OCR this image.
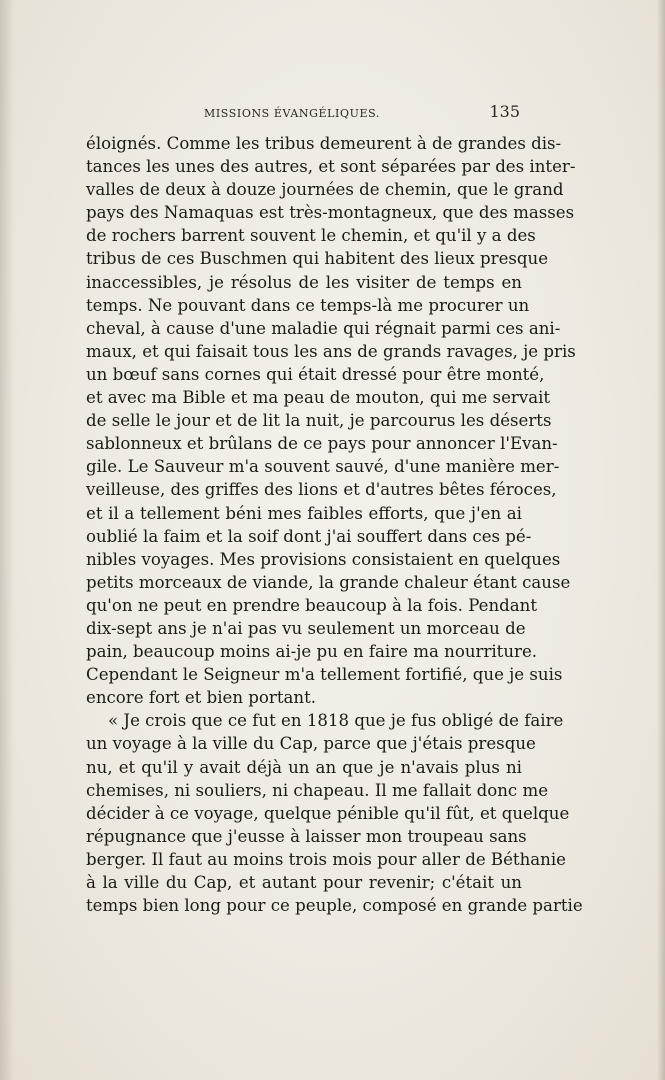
MISSIONS ÉVANGÉLIQUES.	135
éloignés. Comme les tribus demeurent à de grandes dis-
tances les unes des autres, et sont séparées par des inter-
valles de deux à douze journées de chemin, que le grand
pays des Namaquas est très-montagneux, que des masses
de rochers barrent souvent le chemin, et qu'il y a des
tribus de ces Buschmen qui habitent des lieux presque
inaccessibles, je résolus de les visiter de temps en
temps. Ne pouvant dans ce temps-là me procurer un
cheval, à cause d'une maladie qui régnait parmi ces ani-
maux, et qui faisait tous les ans de grands ravages, je pris
un bœuf sans cornes qui était dressé pour être monté,
et avec ma Bible et ma peau de mouton, qui me servait
de selle le jour et de lit la nuit, je parcourus les déserts
sablonneux et brûlans de ce pays pour annoncer l'Evan-
gile. Le Sauveur m'a souvent sauvé, d'une manière mer-
veilleuse, des griffes des lions et d'autres bêtes féroces,
et il a tellement béni mes faibles efforts, que j'en ai
oublié la faim et la soif dont j'ai souffert dans ces pé-
nibles voyages. Mes provisions consistaient en quelques
petits morceaux de viande, la grande chaleur étant cause
qu'on ne peut en prendre beaucoup à la fois. Pendant
dix-sept ans je n'ai pas vu seulement un morceau de
pain, beaucoup moins ai-je pu en faire ma nourriture.
Cependant le Seigneur m'a tellement fortifié, que je suis
encore fort et bien portant.
« Je crois que ce fut en 1818 que je fus obligé de faire
un voyage à la ville du Cap, parce que j'étais presque
nu, et qu'il y avait déjà un an que je n'avais plus ni
chemises, ni souliers, ni chapeau. Il me fallait donc me
décider à ce voyage, quelque pénible qu'il fût, et quelque
répugnance que j'eusse à laisser mon troupeau sans
berger. Il faut au moins trois mois pour aller de Béthanie
à la ville du Cap, et autant pour revenir; c'était un
temps bien long pour ce peuple, composé en grande partie
